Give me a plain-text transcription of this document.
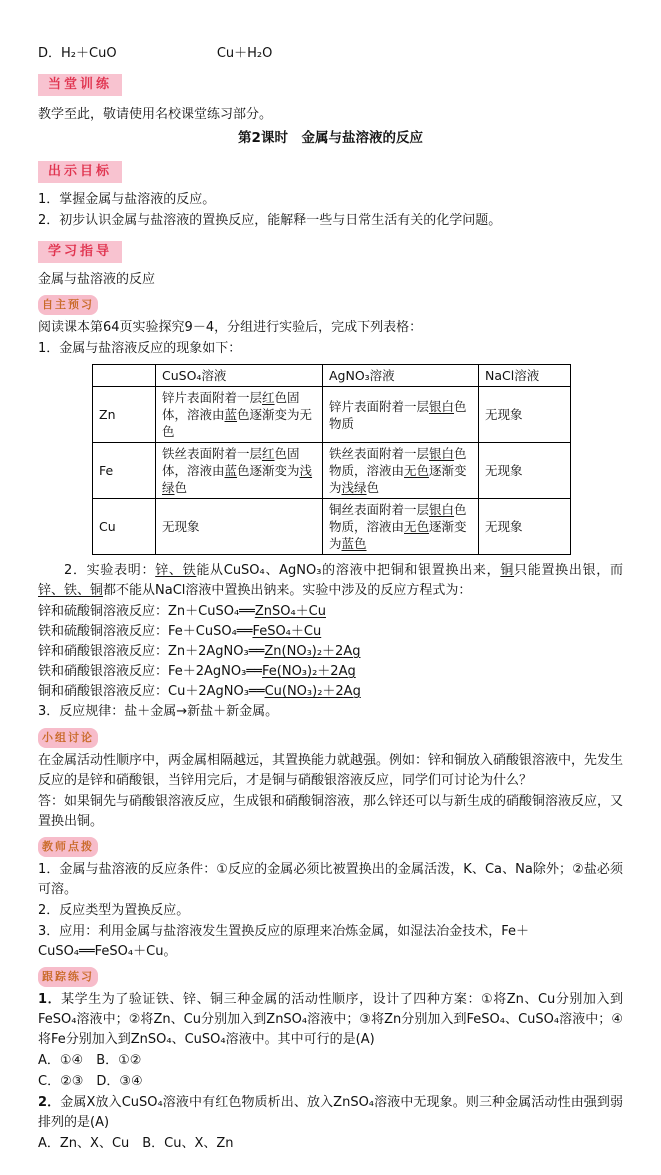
D．H₂＋CuO	Cu＋H₂O
当堂训练
教学至此，敬请使用名校课堂练习部分。
第2课时　金属与盐溶液的反应
出示目标
1．掌握金属与盐溶液的反应。
2．初步认识金属与盐溶液的置换反应，能解释一些与日常生活有关的化学问题。
学习指导
金属与盐溶液的反应
自主预习
阅读课本第64页实验探究9－4，分组进行实验后，完成下列表格：
1．金属与盐溶液反应的现象如下：
	CuSO₄溶液	AgNO₃溶液	NaCl溶液
Zn	锌片表面附着一层红色固体，溶液由蓝色逐渐变为无色	锌片表面附着一层银白色物质	无现象
Fe	铁丝表面附着一层红色固体，溶液由蓝色逐渐变为浅绿色	铁丝表面附着一层银白色物质，溶液由无色逐渐变为浅绿色	无现象
Cu	无现象	铜丝表面附着一层银白色物质，溶液由无色逐渐变为蓝色	无现象
2．实验表明：锌、铁能从CuSO₄、AgNO₃的溶液中把铜和银置换出来，铜只能置换出银，而锌、铁、铜都不能从NaCl溶液中置换出钠来。实验中涉及的反应方程式为：
锌和硫酸铜溶液反应：Zn＋CuSO₄══ZnSO₄＋Cu
铁和硫酸铜溶液反应：Fe＋CuSO₄══FeSO₄＋Cu
锌和硝酸银溶液反应：Zn＋2AgNO₃══Zn(NO₃)₂＋2Ag
铁和硝酸银溶液反应：Fe＋2AgNO₃══Fe(NO₃)₂＋2Ag
铜和硝酸银溶液反应：Cu＋2AgNO₃══Cu(NO₃)₂＋2Ag
3．反应规律：盐＋金属→新盐＋新金属。
小组讨论
在金属活动性顺序中，两金属相隔越远，其置换能力就越强。例如：锌和铜放入硝酸银溶液中，先发生反应的是锌和硝酸银，当锌用完后，才是铜与硝酸银溶液反应，同学们可讨论为什么？
答：如果铜先与硝酸银溶液反应，生成银和硝酸铜溶液，那么锌还可以与新生成的硝酸铜溶液反应，又置换出铜。
教师点拨
1．金属与盐溶液的反应条件：①反应的金属必须比被置换出的金属活泼，K、Ca、Na除外；②盐必须可溶。
2．反应类型为置换反应。
3．应用：利用金属与盐溶液发生置换反应的原理来冶炼金属，如湿法冶金技术，Fe＋CuSO₄══FeSO₄＋Cu。
跟踪练习
1．某学生为了验证铁、锌、铜三种金属的活动性顺序，设计了四种方案：①将Zn、Cu分别加入到FeSO₄溶液中；②将Zn、Cu分别加入到ZnSO₄溶液中；③将Zn分别加入到FeSO₄、CuSO₄溶液中；④将Fe分别加入到ZnSO₄、CuSO₄溶液中。其中可行的是(A)
A．①④　B．①②
C．②③　D．③④
2．金属X放入CuSO₄溶液中有红色物质析出、放入ZnSO₄溶液中无现象。则三种金属活动性由强到弱排列的是(A)
A．Zn、X、Cu　B．Cu、X、Zn
